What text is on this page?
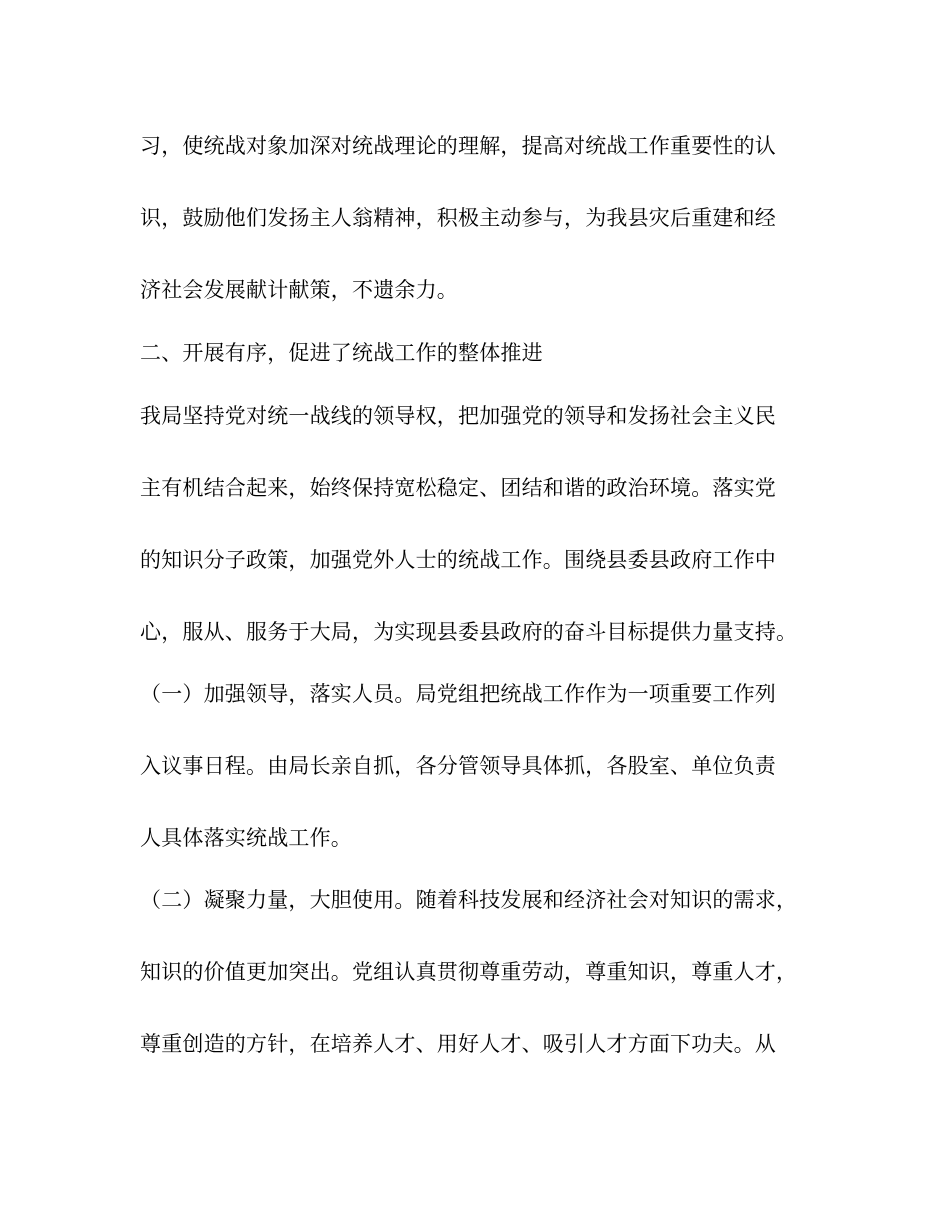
习，使统战对象加深对统战理论的理解，提高对统战工作重要性的认
识，鼓励他们发扬主人翁精神，积极主动参与，为我县灾后重建和经
济社会发展献计献策，不遗余力。
二、开展有序，促进了统战工作的整体推进
我局坚持党对统一战线的领导权，把加强党的领导和发扬社会主义民
主有机结合起来，始终保持宽松稳定、团结和谐的政治环境。落实党
的知识分子政策，加强党外人士的统战工作。围绕县委县政府工作中
心，服从、服务于大局，为实现县委县政府的奋斗目标提供力量支持。
（一）加强领导，落实人员。局党组把统战工作作为一项重要工作列
入议事日程。由局长亲自抓，各分管领导具体抓，各股室、单位负责
人具体落实统战工作。
（二）凝聚力量，大胆使用。随着科技发展和经济社会对知识的需求，
知识的价值更加突出。党组认真贯彻尊重劳动，尊重知识，尊重人才，
尊重创造的方针，在培养人才、用好人才、吸引人才方面下功夫。从
